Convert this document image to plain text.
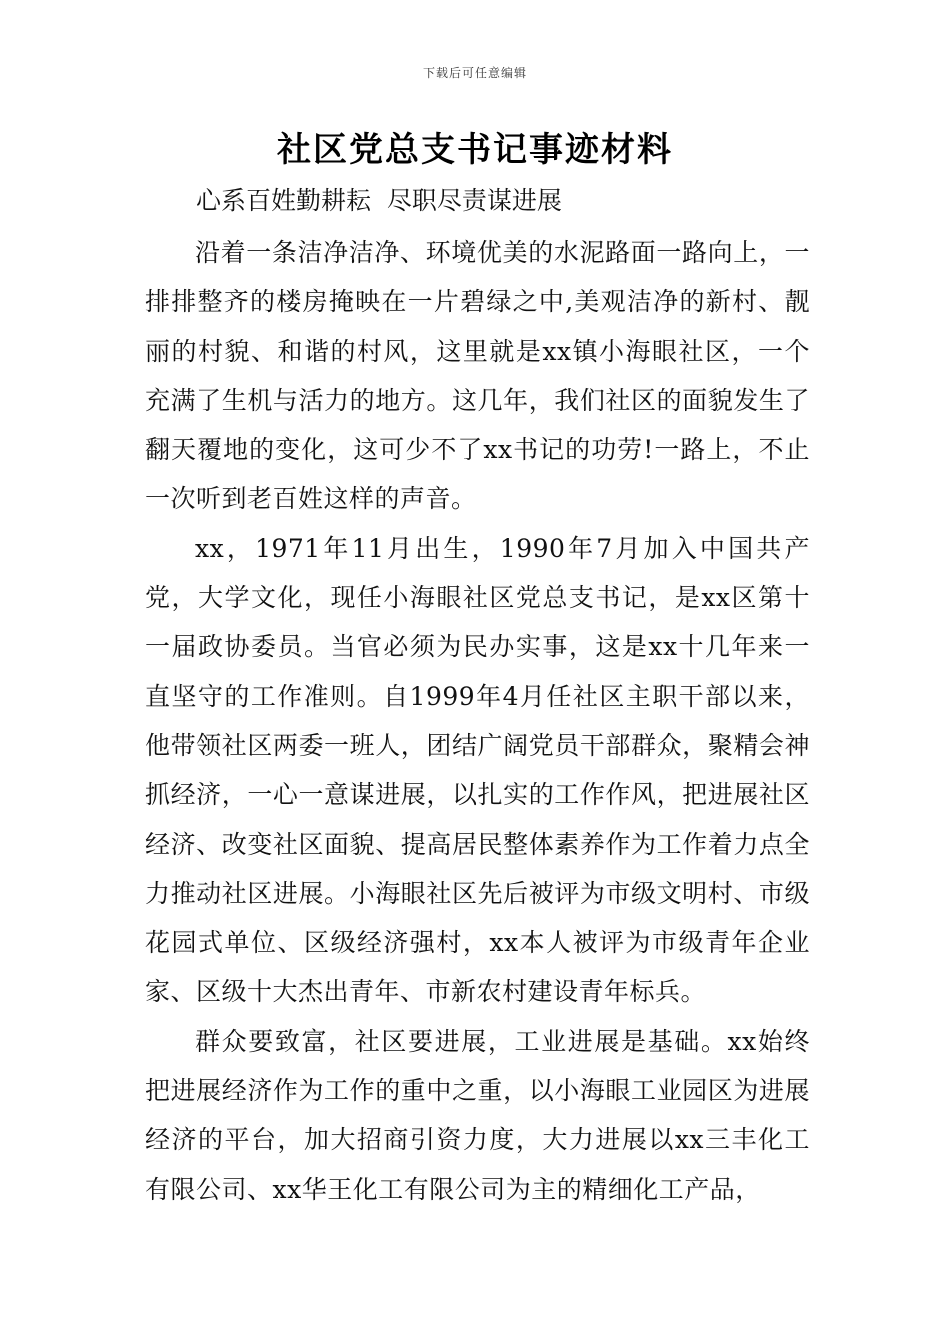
下载后可任意编辑
社区党总支书记事迹材料
心系百姓勤耕耘  尽职尽责谋进展

沿着一条洁净洁净、环境优美的水泥路面一路向上，一排排整齐的楼房掩映在一片碧绿之中,美观洁净的新村、靓丽的村貌、和谐的村风，这里就是xx镇小海眼社区，一个充满了生机与活力的地方。这几年，我们社区的面貌发生了翻天覆地的变化，这可少不了xx书记的功劳!一路上，不止一次听到老百姓这样的声音。

xx，1971年11月出生，1990年7月加入中国共产党，大学文化，现任小海眼社区党总支书记，是xx区第十一届政协委员。当官必须为民办实事，这是xx十几年来一直坚守的工作准则。自1999年4月任社区主职干部以来，他带领社区两委一班人，团结广阔党员干部群众，聚精会神抓经济，一心一意谋进展，以扎实的工作作风，把进展社区经济、改变社区面貌、提高居民整体素养作为工作着力点全力推动社区进展。小海眼社区先后被评为市级文明村、市级花园式单位、区级经济强村，xx本人被评为市级青年企业家、区级十大杰出青年、市新农村建设青年标兵。

群众要致富，社区要进展，工业进展是基础。xx始终把进展经济作为工作的重中之重，以小海眼工业园区为进展经济的平台，加大招商引资力度，大力进展以xx三丰化工有限公司、xx华王化工有限公司为主的精细化工产品，
